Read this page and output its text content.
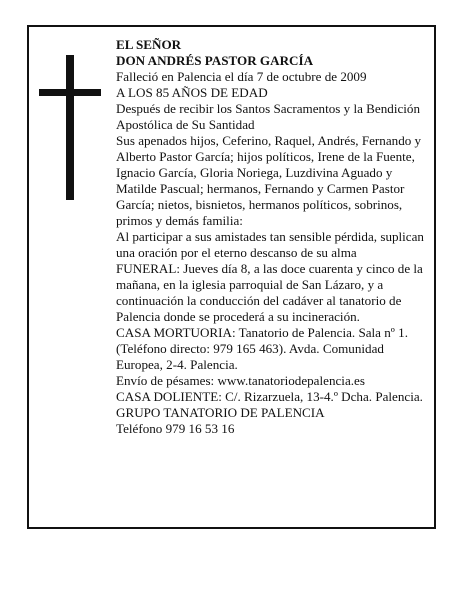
EL SEÑOR

DON ANDRÉS PASTOR GARCÍA

Falleció en Palencia el día 7 de octubre de 2009

A LOS 85 AÑOS DE EDAD

Después de recibir los Santos Sacramentos y la Bendición Apostólica de Su Santidad

Sus apenados hijos, Ceferino, Raquel, Andrés, Fernando y Alberto Pastor García; hijos políticos, Irene de la Fuente, Ignacio García, Gloria Noriega, Luzdivina Aguado y Matilde Pascual; hermanos, Fernando y Carmen Pastor García; nietos, bisnietos, hermanos políticos, sobrinos, primos y demás familia:

Al participar a sus amistades tan sensible pérdida, suplican una oración por el eterno descanso de su alma

FUNERAL: Jueves día 8, a las doce cuarenta y cinco de la mañana, en la iglesia parroquial de San Lázaro, y a continuación la conducción del cadáver al tanatorio de Palencia donde se procederá a su incineración.

CASA MORTUORIA: Tanatorio de Palencia. Sala nº 1. (Teléfono directo: 979 165 463). Avda. Comunidad Europea, 2-4. Palencia.

Envío de pésames: www.tanatoriodepalencia.es

CASA DOLIENTE: C/. Rizarzuela, 13-4.º Dcha. Palencia.

GRUPO TANATORIO DE PALENCIA

Teléfono 979 16 53 16
